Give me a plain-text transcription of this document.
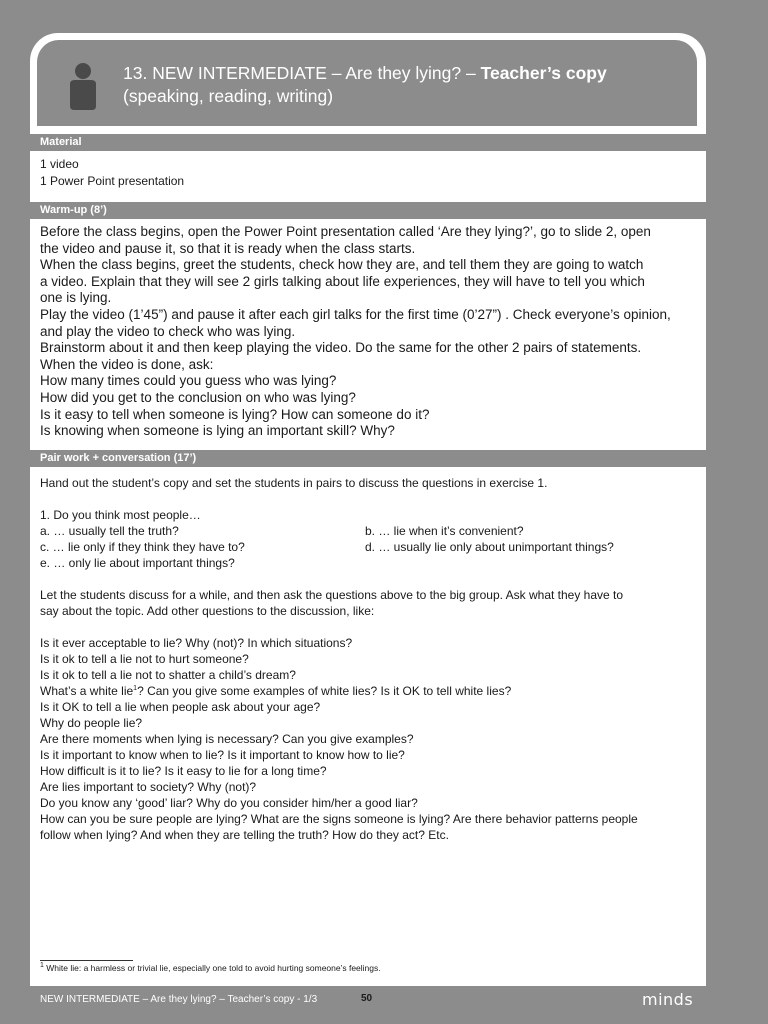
13. NEW INTERMEDIATE – Are they lying? – Teacher’s copy
(speaking, reading, writing)
Material
1 video
1 Power Point presentation
Warm-up (8’)
Before the class begins, open the Power Point presentation called ‘Are they lying?’, go to slide 2, open
the video and pause it, so that it is ready when the class starts.
When the class begins, greet the students, check how they are, and tell them they are going to watch
a video. Explain that they will see 2 girls talking about life experiences, they will have to tell you which
one is lying.
Play the video (1’45”) and pause it after each girl talks for the first time (0’27”) . Check everyone’s opinion,
and play the video to check who was lying.
Brainstorm about it and then keep playing the video. Do the same for the other 2 pairs of statements.
When the video is done, ask:
How many times could you guess who was lying?
How did you get to the conclusion on who was lying?
Is it easy to tell when someone is lying? How can someone do it?
Is knowing when someone is lying an important skill? Why?
Pair work + conversation (17’)
Hand out the student’s copy and set the students in pairs to discuss the questions in exercise 1.
1. Do you think most people…
a. … usually tell the truth?	b. … lie when it’s convenient?
c. … lie only if they think they have to?	d. … usually lie only about unimportant things?
e. … only lie about important things?
Let the students discuss for a while, and then ask the questions above to the big group. Ask what they have to
say about the topic. Add other questions to the discussion, like:
Is it ever acceptable to lie? Why (not)? In which situations?
Is it ok to tell a lie not to hurt someone?
Is it ok to tell a lie not to shatter a child’s dream?
What’s a white lie$^1$? Can you give some examples of white lies? Is it OK to tell white lies?
Is it OK to tell a lie when people ask about your age?
Why do people lie?
Are there moments when lying is necessary? Can you give examples?
Is it important to know when to lie? Is it important to know how to lie?
How difficult is it to lie? Is it easy to lie for a long time?
Are lies important to society? Why (not)?
Do you know any ‘good’ liar? Why do you consider him/her a good liar?
How can you be sure people are lying? What are the signs someone is lying? Are there behavior patterns people
follow when lying? And when they are telling the truth? How do they act? Etc.
$^1$ White lie: a harmless or trivial lie, especially one told to avoid hurting someone’s feelings.
NEW INTERMEDIATE – Are they lying? – Teacher’s copy - 1/3	50	minds
